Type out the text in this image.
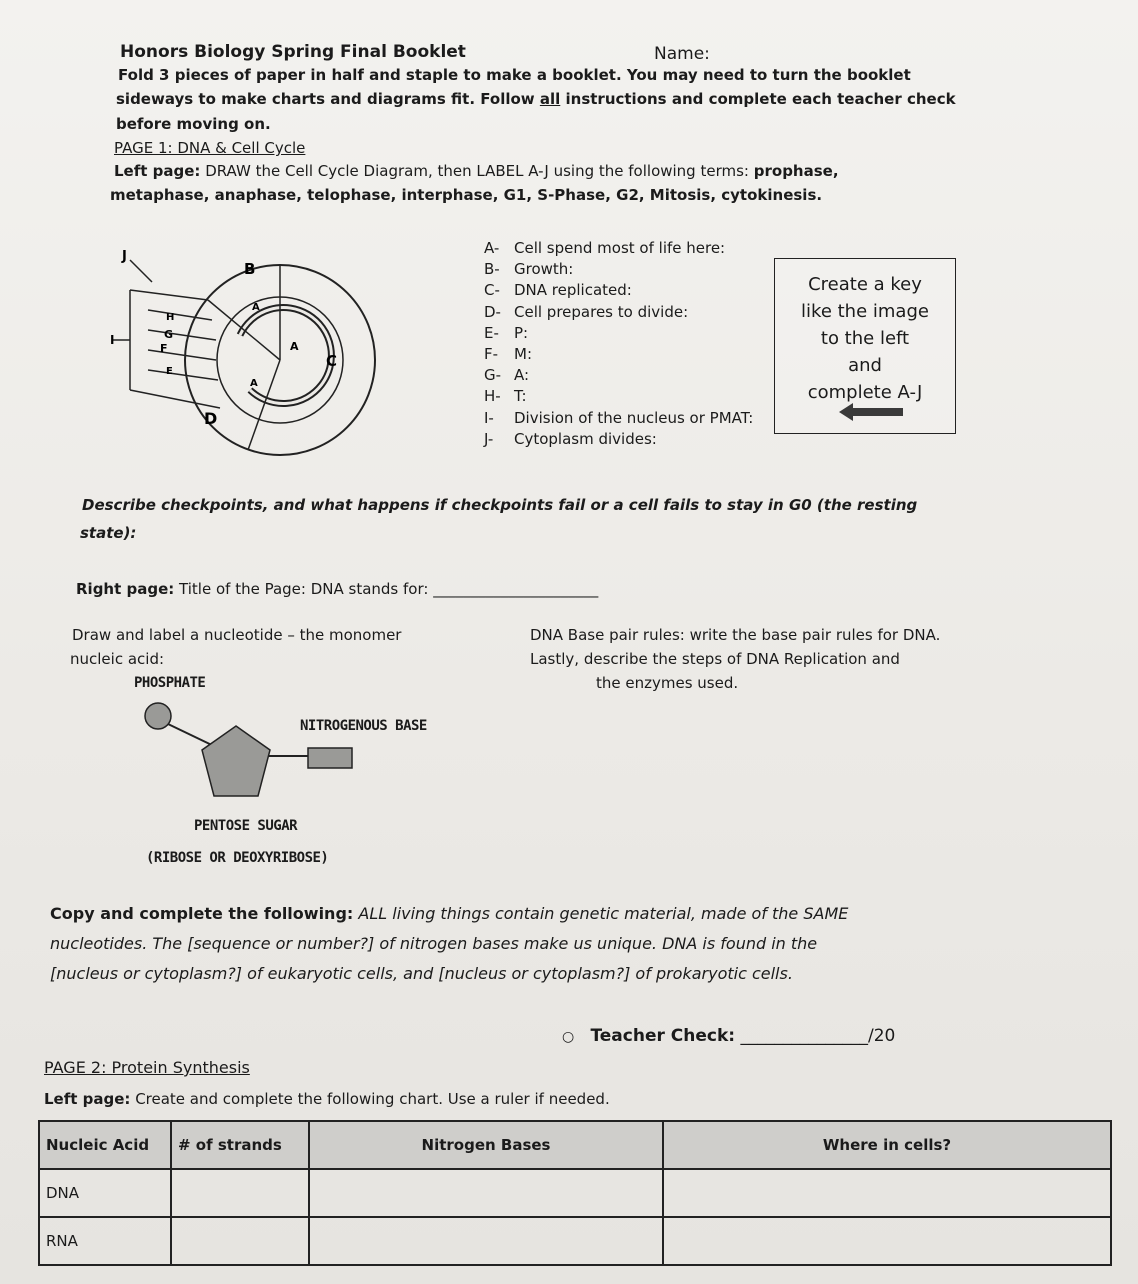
Honors Biology Spring Final Booklet	Name:
Fold 3 pieces of paper in half and staple to make a booklet. You may need to turn the booklet
sideways to make charts and diagrams fit. Follow all instructions and complete each teacher check
before moving on.
PAGE 1: DNA & Cell Cycle
Left page: DRAW the Cell Cycle Diagram, then LABEL A-J using the following terms: prophase,
metaphase, anaphase, telophase, interphase, G1, S-Phase, G2, Mitosis, cytokinesis.
J
B
H
A
G
I
F	A
C
E
A
D
A- Cell spend most of life here:
B- Growth:
C- DNA replicated:
D- Cell prepares to divide:
E- P:
F- M:
G- A:
H- T:
I- Division of the nucleus or PMAT:
J- Cytoplasm divides:
Create a key
like the image
to the left
and
complete A-J
Describe checkpoints, and what happens if checkpoints fail or a cell fails to stay in G0 (the resting
state):
Right page: Title of the Page: DNA stands for: ______________________
Draw and label a nucleotide – the monomer
nucleic acid:
DNA Base pair rules: write the base pair rules for DNA.
Lastly, describe the steps of DNA Replication and
the enzymes used.
PHOSPHATE
NITROGENOUS BASE
PENTOSE SUGAR
(RIBOSE OR DEOXYRIBOSE)
Copy and complete the following: ALL living things contain genetic material, made of the SAME
nucleotides. The [sequence or number?] of nitrogen bases make us unique. DNA is found in the
[nucleus or cytoplasm?] of eukaryotic cells, and [nucleus or cytoplasm?] of prokaryotic cells.
○ Teacher Check: _______________/20
PAGE 2: Protein Synthesis
Left page: Create and complete the following chart. Use a ruler if needed.
Nucleic Acid	# of strands	Nitrogen Bases	Where in cells?
DNA			
RNA			
